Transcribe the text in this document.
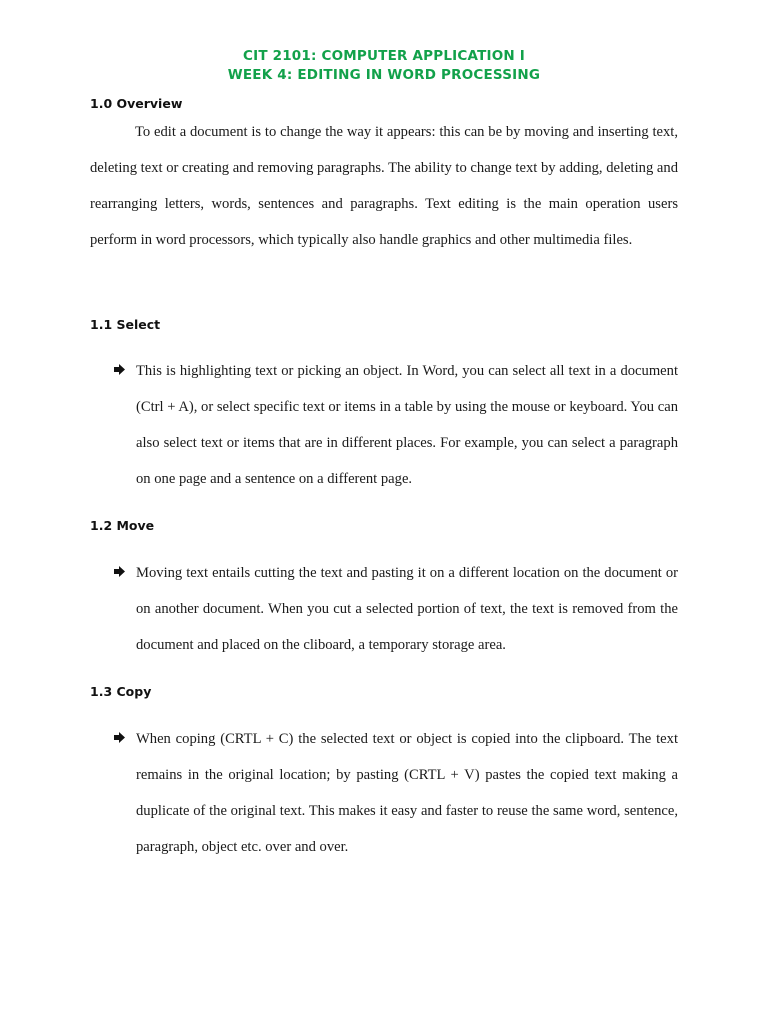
CIT 2101: COMPUTER APPLICATION I
WEEK 4: EDITING IN WORD PROCESSING
1.0 Overview

To edit a document is to change the way it appears: this can be by moving and inserting text, deleting text or creating and removing paragraphs. The ability to change text by adding, deleting and rearranging letters, words, sentences and paragraphs. Text editing is the main operation users perform in word processors, which typically also handle graphics and other multimedia files.

1.1 Select

This is highlighting text or picking an object. In Word, you can select all text in a document (Ctrl + A), or select specific text or items in a table by using the mouse or keyboard. You can also select text or items that are in different places. For example, you can select a paragraph on one page and a sentence on a different page.

1.2 Move

Moving text entails cutting the text and pasting it on a different location on the document or on another document. When you cut a selected portion of text, the text is removed from the document and placed on the cliboard, a temporary storage area.

1.3 Copy

When coping (CRTL + C) the selected text or object is copied into the clipboard. The text remains in the original location; by pasting (CRTL + V) pastes the copied text making a duplicate of the original text. This makes it easy and faster to reuse the same word, sentence, paragraph, object etc. over and over.
